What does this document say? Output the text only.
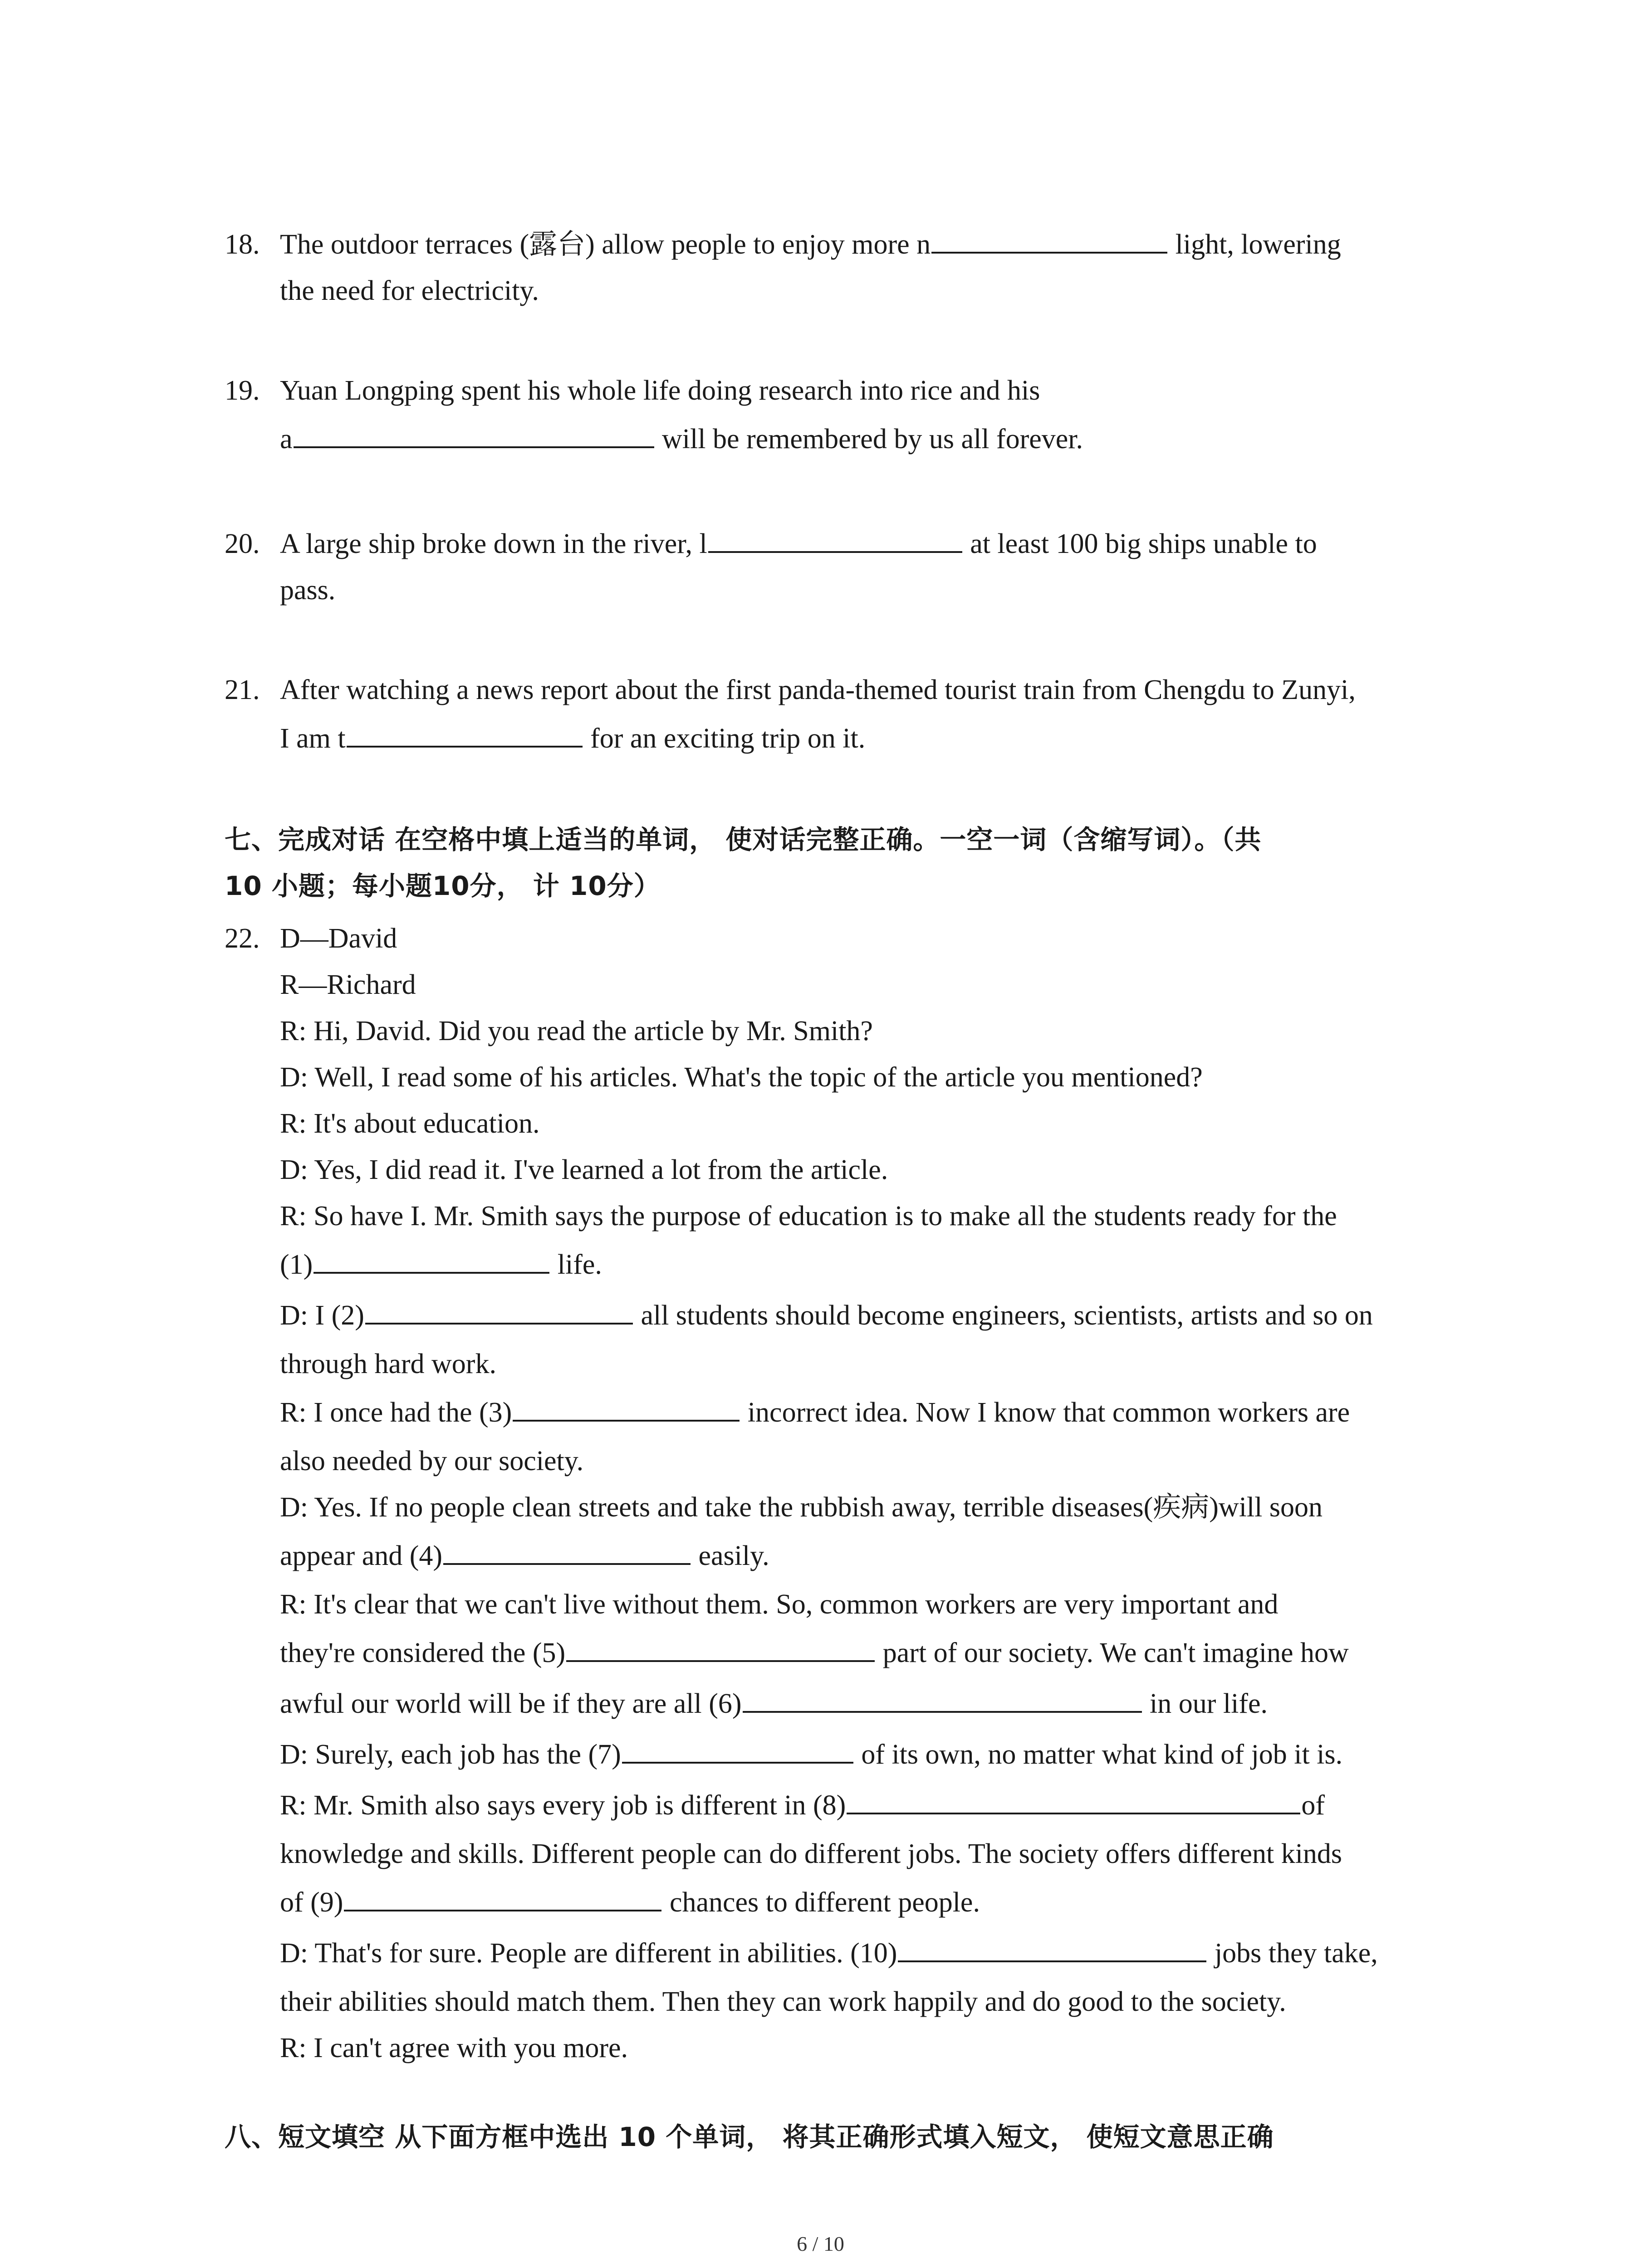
18. The outdoor terraces (露台) allow people to enjoy more n	light, lowering
the need for electricity.
19. Yuan Longping spent his whole life doing research into rice and his
a	will be remembered by us all forever.
20. A large ship broke down in the river, l	at least 100 big ships unable to
pass.
21. After watching a news report about the first panda-themed tourist train from Chengdu to Zunyi,
I am t	for an exciting trip on it.
七、完成对话 在空格中填上适当的单词， 使对话完整正确。一空一词（含缩写词）。（共
10 小题；每小题10分， 计 10分）
22. D—David
R—Richard
R: Hi, David. Did you read the article by Mr. Smith?
D: Well, I read some of his articles. What's the topic of the article you mentioned?
R: It's about education.
D: Yes, I did read it. I've learned a lot from the article.
R: So have I. Mr. Smith says the purpose of education is to make all the students ready for the
(1)	life.
D: I (2)	all students should become engineers, scientists, artists and so on
through hard work.
R: I once had the (3)	incorrect idea. Now I know that common workers are
also needed by our society.
D: Yes. If no people clean streets and take the rubbish away, terrible diseases(疾病)will soon
appear and (4)	easily.
R: It's clear that we can't live without them. So, common workers are very important and
they're considered the (5)	part of our society. We can't imagine how
awful our world will be if they are all (6)	in our life.
D: Surely, each job has the (7)	of its own, no matter what kind of job it is.
R: Mr. Smith also says every job is different in (8)	of
knowledge and skills. Different people can do different jobs. The society offers different kinds
of (9)	chances to different people.
D: That's for sure. People are different in abilities. (10)	jobs they take,
their abilities should match them. Then they can work happily and do good to the society.
R: I can't agree with you more.
八、短文填空 从下面方框中选出 10 个单词， 将其正确形式填入短文， 使短文意思正确
6 / 10
